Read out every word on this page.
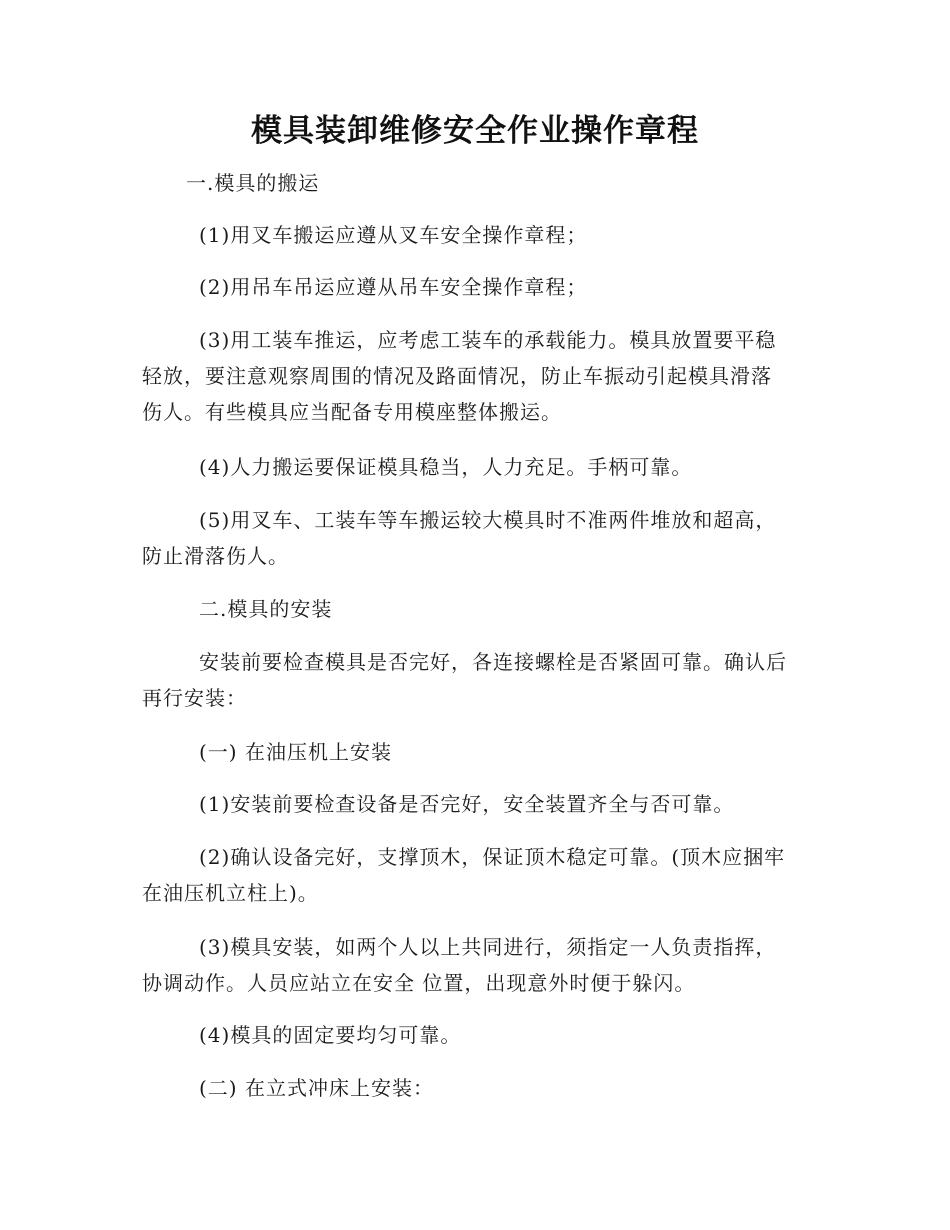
模具装卸维修安全作业操作章程
一.模具的搬运
(1)用叉车搬运应遵从叉车安全操作章程；
(2)用吊车吊运应遵从吊车安全操作章程；
(3)用工装车推运，应考虑工装车的承载能力。模具放置要平稳
轻放，要注意观察周围的情况及路面情况，防止车振动引起模具滑落
伤人。有些模具应当配备专用模座整体搬运。
(4)人力搬运要保证模具稳当，人力充足。手柄可靠。
(5)用叉车、工装车等车搬运较大模具时不准两件堆放和超高，
防止滑落伤人。
二.模具的安装
安装前要检查模具是否完好，各连接螺栓是否紧固可靠。确认后
再行安装：
(一) 在油压机上安装
(1)安装前要检查设备是否完好，安全装置齐全与否可靠。
(2)确认设备完好，支撑顶木，保证顶木稳定可靠。(顶木应捆牢
在油压机立柱上)。
(3)模具安装，如两个人以上共同进行，须指定一人负责指挥，
协调动作。人员应站立在安全 位置，出现意外时便于躲闪。
(4)模具的固定要均匀可靠。
(二) 在立式冲床上安装：
